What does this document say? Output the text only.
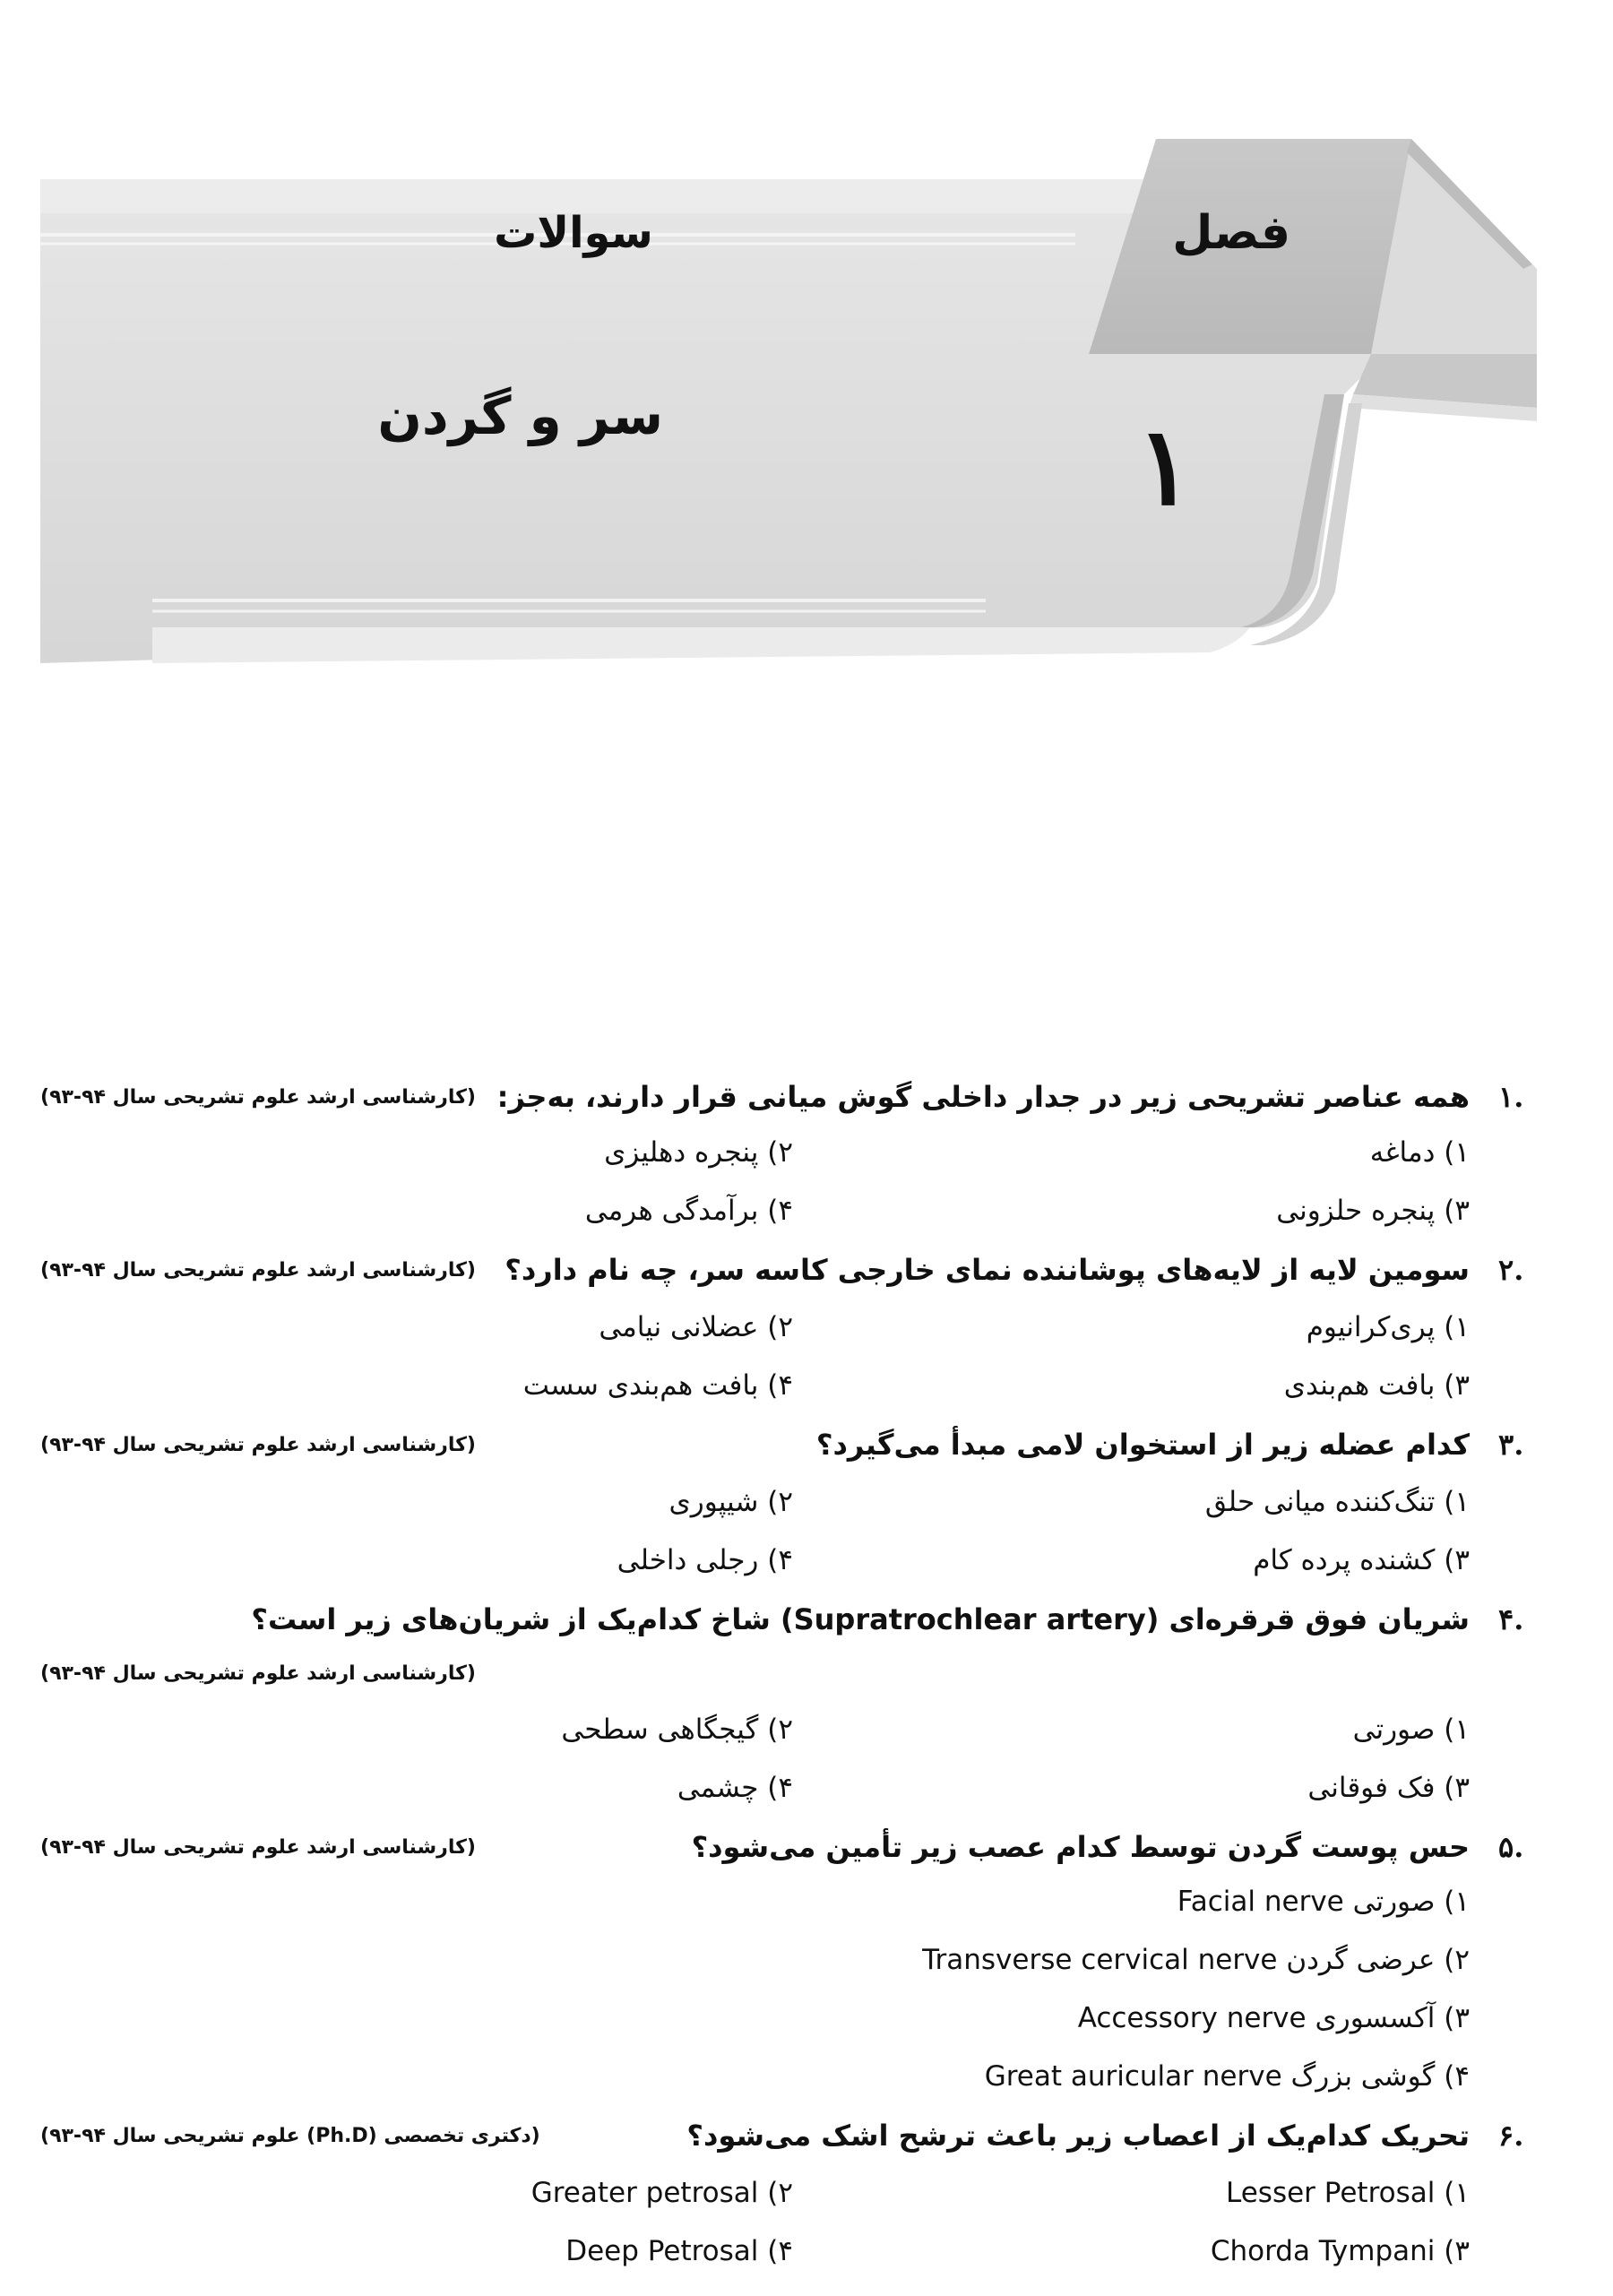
فصل
۱
سوالات
سر و گردن
۱.
همه عناصر تشریحی زیر در جدار داخلی گوش میانی قرار دارند، به‌جز:
(کارشناسی ارشد علوم تشریحی سال ۹۴-۹۳)
۱) دماغه
۲) پنجره دهلیزی
۳) پنجره حلزونی
۴) برآمدگی هرمی
۲.
سومین لایه از لایه‌های پوشاننده نمای خارجی کاسه سر، چه نام دارد؟
(کارشناسی ارشد علوم تشریحی سال ۹۴-۹۳)
۱) پری‌کرانیوم
۲) عضلانی نیامی
۳) بافت هم‌بندی
۴) بافت هم‌بندی سست
۳.
کدام عضله زیر از استخوان لامی مبدأ می‌گیرد؟
(کارشناسی ارشد علوم تشریحی سال ۹۴-۹۳)
۱) تنگ‌کننده میانی حلق
۲) شیپوری
۳) کشنده پرده کام
۴) رجلی داخلی
۴.
شریان فوق قرقره‌ای (Supratrochlear artery) شاخ کدام‌یک از شریان‌های زیر است؟
(کارشناسی ارشد علوم تشریحی سال ۹۴-۹۳)
۱) صورتی
۲) گیجگاهی سطحی
۳) فک فوقانی
۴) چشمی
۵.
حس پوست گردن توسط کدام عصب زیر تأمین می‌شود؟
(کارشناسی ارشد علوم تشریحی سال ۹۴-۹۳)
۱) صورتی Facial nerve
۲) عرضی گردن Transverse cervical nerve
۳) آکسسوری Accessory nerve
۴) گوشی بزرگ Great auricular nerve
۶.
تحریک کدام‌یک از اعصاب زیر باعث ترشح اشک می‌شود؟
(دکتری تخصصی (Ph.D) علوم تشریحی سال ۹۴-۹۳)
۱) Lesser Petrosal
۲) Greater petrosal
۳) Chorda Tympani
۴) Deep Petrosal
